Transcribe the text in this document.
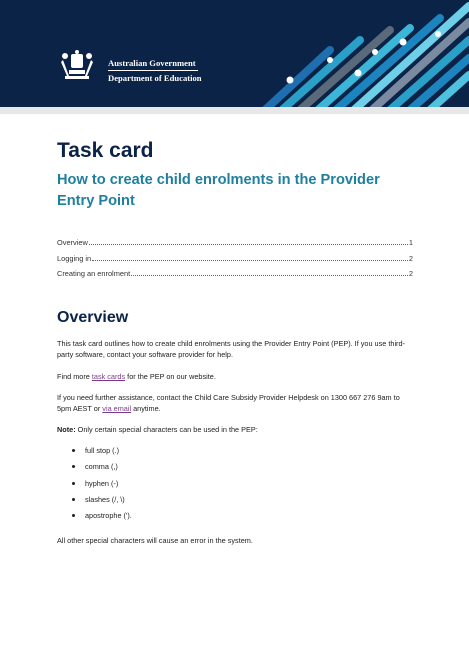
Australian Government
Department of Education
Task card
How to create child enrolments in the Provider Entry Point
Overview	1
Logging in	2
Creating an enrolment	2
Overview

This task card outlines how to create child enrolments using the Provider Entry Point (PEP). If you use third-party software, contact your software provider for help.

Find more task cards for the PEP on our website.

If you need further assistance, contact the Child Care Subsidy Provider Helpdesk on 1300 667 276 9am to 5pm AEST or via email anytime.

Note: Only certain special characters can be used in the PEP:

full stop (.)
comma (,)
hyphen (-)
slashes (/, \)
apostrophe (').

All other special characters will cause an error in the system.
